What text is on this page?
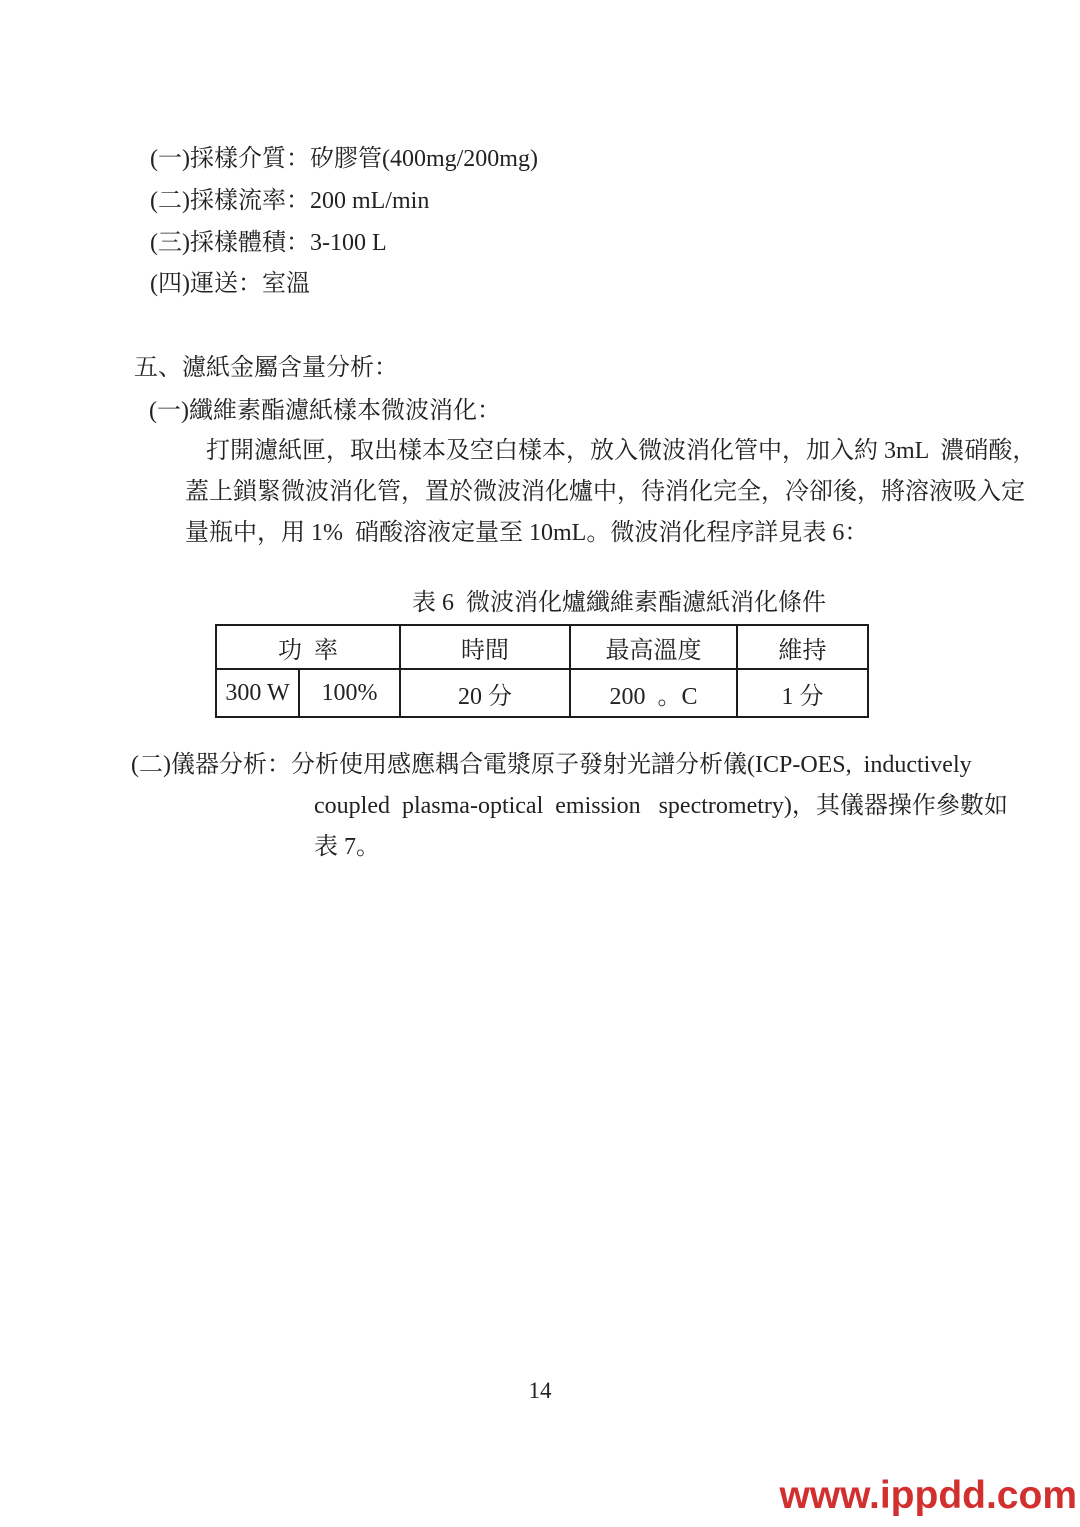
(一)採樣介質：矽膠管(400mg/200mg)
(二)採樣流率：200 mL/min
(三)採樣體積：3-100 L
(四)運送：室溫
五、濾紙金屬含量分析：
(一)纖維素酯濾紙樣本微波消化：
打開濾紙匣，取出樣本及空白樣本，放入微波消化管中，加入約 3mL  濃硝酸，
蓋上鎖緊微波消化管，置於微波消化爐中，待消化完全，冷卻後，將溶液吸入定
量瓶中，用 1%  硝酸溶液定量至 10mL。微波消化程序詳見表 6：
表 6  微波消化爐纖維素酯濾紙消化條件
功  率		時間	最高溫度	維持
300 W	100%	20 分	200  。C	1 分
(二)儀器分析：分析使用感應耦合電漿原子發射光譜分析儀(ICP-OES,  inductively
coupled  plasma-optical  emission   spectrometry)，其儀器操作參數如
表 7。
14
www.ippdd.com
